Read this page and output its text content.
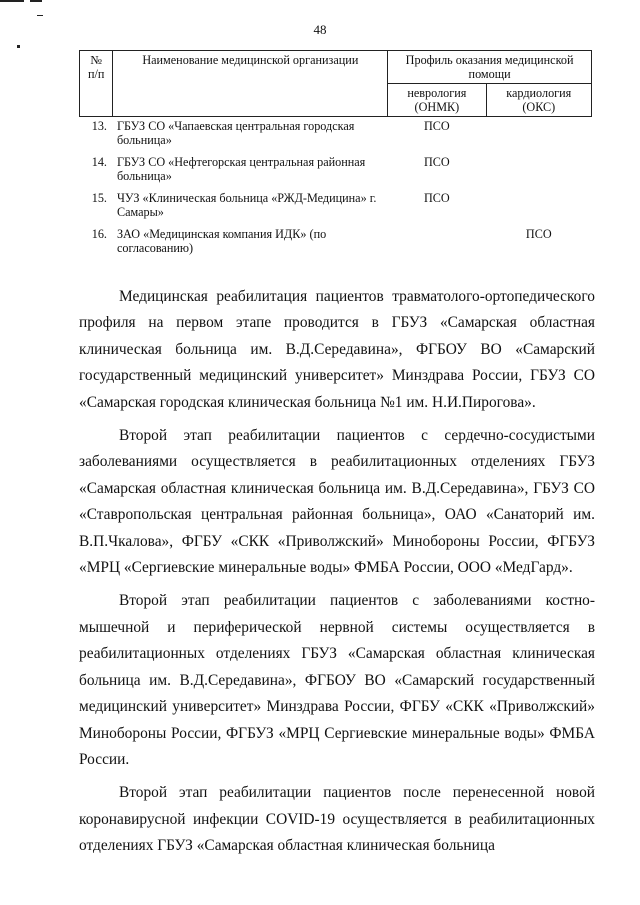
48
№ п/п	Наименование медицинской организации	Профиль оказания медицинской помощи	
		неврология (ОНМК)	кардиология (ОКС)
13.	ГБУЗ СО «Чапаевская центральная городская больница»	ПСО	
14.	ГБУЗ СО «Нефтегорская центральная районная больница»	ПСО	
15.	ЧУЗ «Клиническая больница «РЖД-Медицина» г. Самары»	ПСО	
16.	ЗАО «Медицинская компания ИДК» (по согласованию)		ПСО

Медицинская реабилитация пациентов травматолого-ортопедического профиля на первом этапе проводится в ГБУЗ «Самарская областная клиническая больница им. В.Д.Середавина», ФГБОУ ВО «Самарский государственный медицинский университет» Минздрава России, ГБУЗ СО «Самарская городская клиническая больница №1 им. Н.И.Пирогова».

Второй этап реабилитации пациентов с сердечно-сосудистыми заболеваниями осуществляется в реабилитационных отделениях ГБУЗ «Самарская областная клиническая больница им. В.Д.Середавина», ГБУЗ СО «Ставропольская центральная районная больница», ОАО «Санаторий им. В.П.Чкалова», ФГБУ «СКК «Приволжский» Минобороны России, ФГБУЗ «МРЦ «Сергиевские минеральные воды» ФМБА России, ООО «МедГард».

Второй этап реабилитации пациентов с заболеваниями костно-мышечной и периферической нервной системы осуществляется в реабилитационных отделениях ГБУЗ «Самарская областная клиническая больница им. В.Д.Середавина», ФГБОУ ВО «Самарский государственный медицинский университет» Минздрава России, ФГБУ «СКК «Приволжский» Минобороны России, ФГБУЗ «МРЦ Сергиевские минеральные воды» ФМБА России.

Второй этап реабилитации пациентов после перенесенной новой коронавирусной инфекции COVID-19 осуществляется в реабилитационных отделениях ГБУЗ «Самарская областная клиническая больница
